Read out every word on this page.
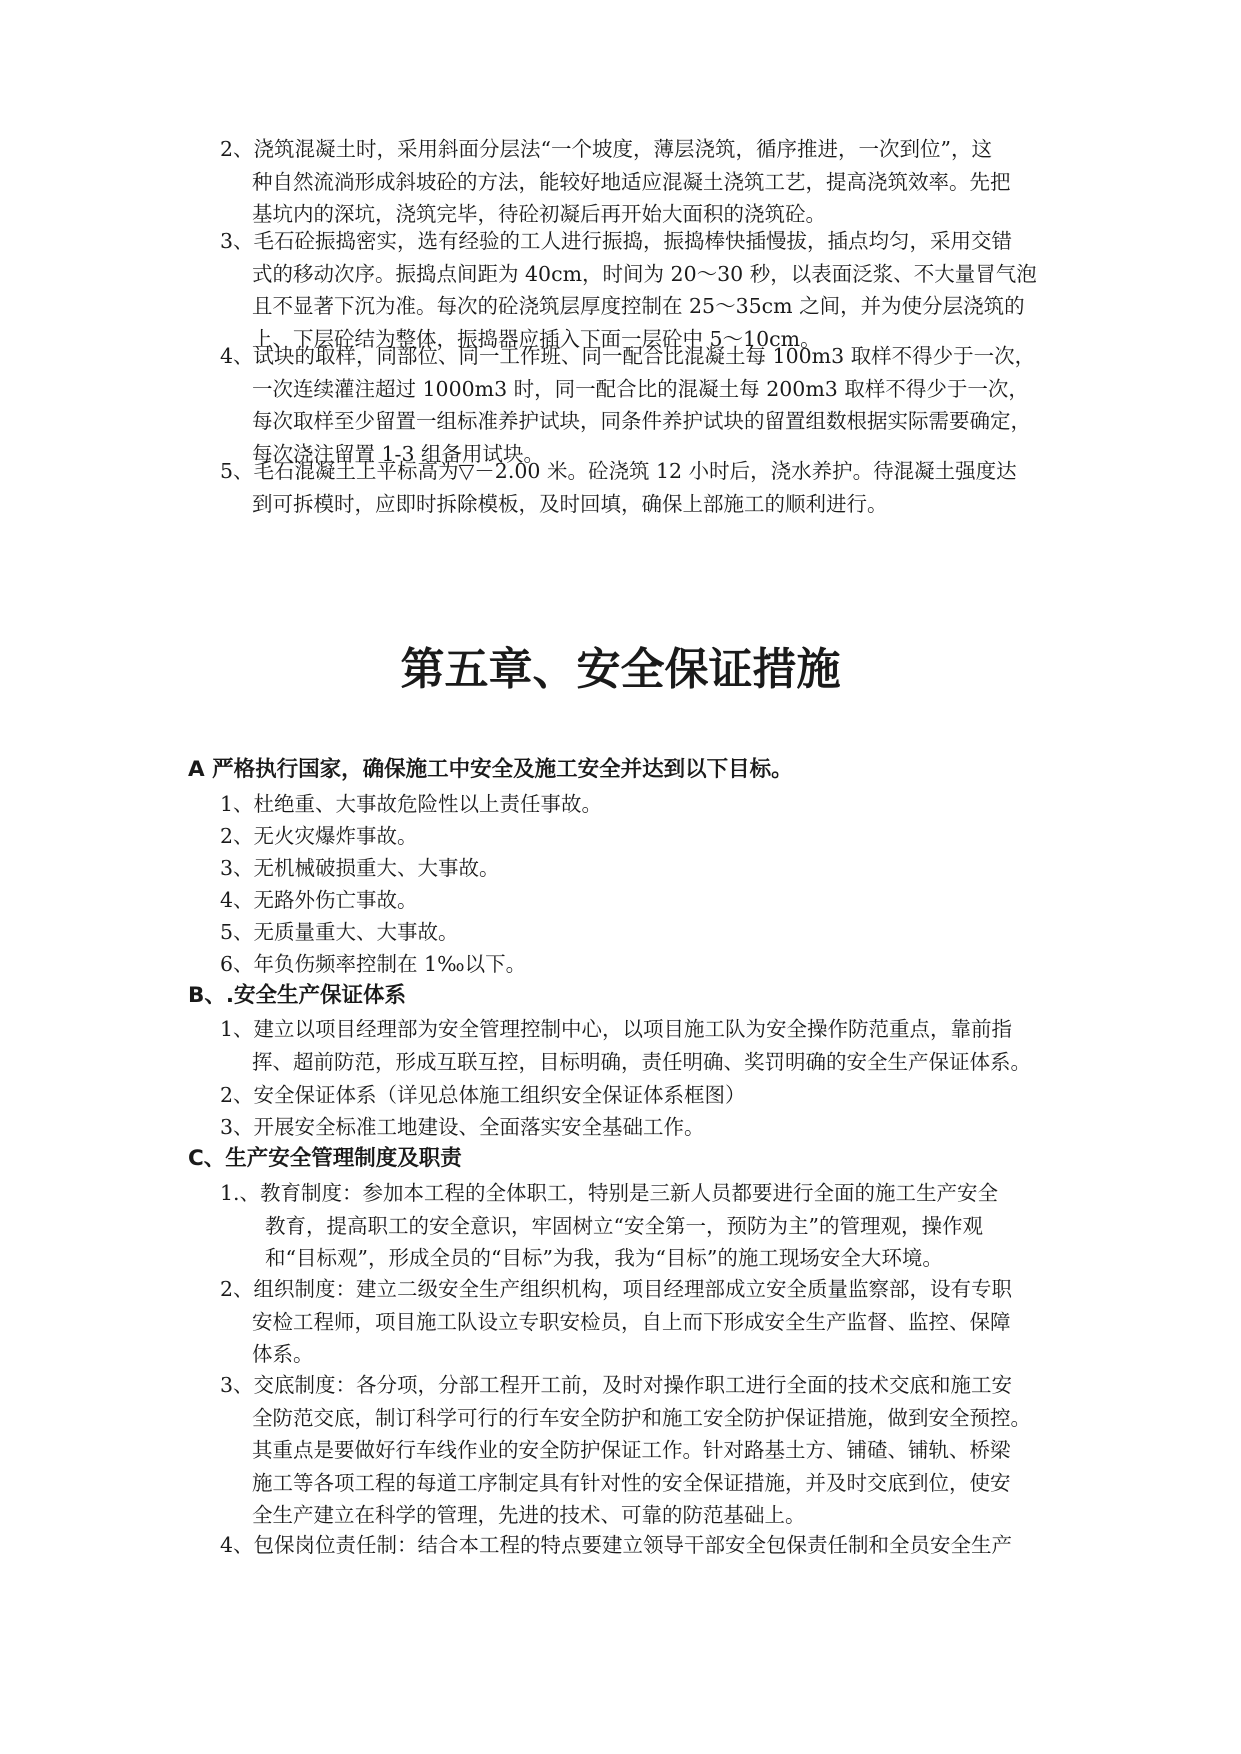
2、浇筑混凝土时，采用斜面分层法“一个坡度，薄层浇筑，循序推进，一次到位”，这
种自然流淌形成斜坡砼的方法，能较好地适应混凝土浇筑工艺，提高浇筑效率。先把
基坑内的深坑，浇筑完毕，待砼初凝后再开始大面积的浇筑砼。
3、毛石砼振捣密实，选有经验的工人进行振捣，振捣棒快插慢拔，插点均匀，采用交错
式的移动次序。振捣点间距为 40cm，时间为 20～30 秒，以表面泛浆、不大量冒气泡
且不显著下沉为准。每次的砼浇筑层厚度控制在 25～35cm 之间，并为使分层浇筑的
上、下层砼结为整体，振捣器应插入下面一层砼中 5～10cm。
4、试块的取样，同部位、同一工作班、同一配合比混凝土每 100m3 取样不得少于一次，
一次连续灌注超过 1000m3 时，同一配合比的混凝土每 200m3 取样不得少于一次，
每次取样至少留置一组标准养护试块，同条件养护试块的留置组数根据实际需要确定，
每次浇注留置 1-3 组备用试块。
5、毛石混凝土上平标高为▽－2.00 米。砼浇筑 12 小时后，浇水养护。待混凝土强度达
到可拆模时，应即时拆除模板，及时回填，确保上部施工的顺利进行。
第五章、安全保证措施
A 严格执行国家，确保施工中安全及施工安全并达到以下目标。
1、杜绝重、大事故危险性以上责任事故。
2、无火灾爆炸事故。
3、无机械破损重大、大事故。
4、无路外伤亡事故。
5、无质量重大、大事故。
6、年负伤频率控制在 1‰以下。
B、.安全生产保证体系
1、建立以项目经理部为安全管理控制中心，以项目施工队为安全操作防范重点，靠前指
挥、超前防范，形成互联互控，目标明确，责任明确、奖罚明确的安全生产保证体系。
2、安全保证体系（详见总体施工组织安全保证体系框图）
3、开展安全标准工地建设、全面落实安全基础工作。
C、生产安全管理制度及职责
1.、教育制度：参加本工程的全体职工，特别是三新人员都要进行全面的施工生产安全
教育，提高职工的安全意识，牢固树立“安全第一，预防为主”的管理观，操作观
和“目标观”，形成全员的“目标”为我，我为“目标”的施工现场安全大环境。
2、组织制度：建立二级安全生产组织机构，项目经理部成立安全质量监察部，设有专职
安检工程师，项目施工队设立专职安检员，自上而下形成安全生产监督、监控、保障
体系。
3、交底制度：各分项，分部工程开工前，及时对操作职工进行全面的技术交底和施工安
全防范交底，制订科学可行的行车安全防护和施工安全防护保证措施，做到安全预控。
其重点是要做好行车线作业的安全防护保证工作。针对路基土方、铺碴、铺轨、桥梁
施工等各项工程的每道工序制定具有针对性的安全保证措施，并及时交底到位，使安
全生产建立在科学的管理，先进的技术、可靠的防范基础上。
4、包保岗位责任制：结合本工程的特点要建立领导干部安全包保责任制和全员安全生产
